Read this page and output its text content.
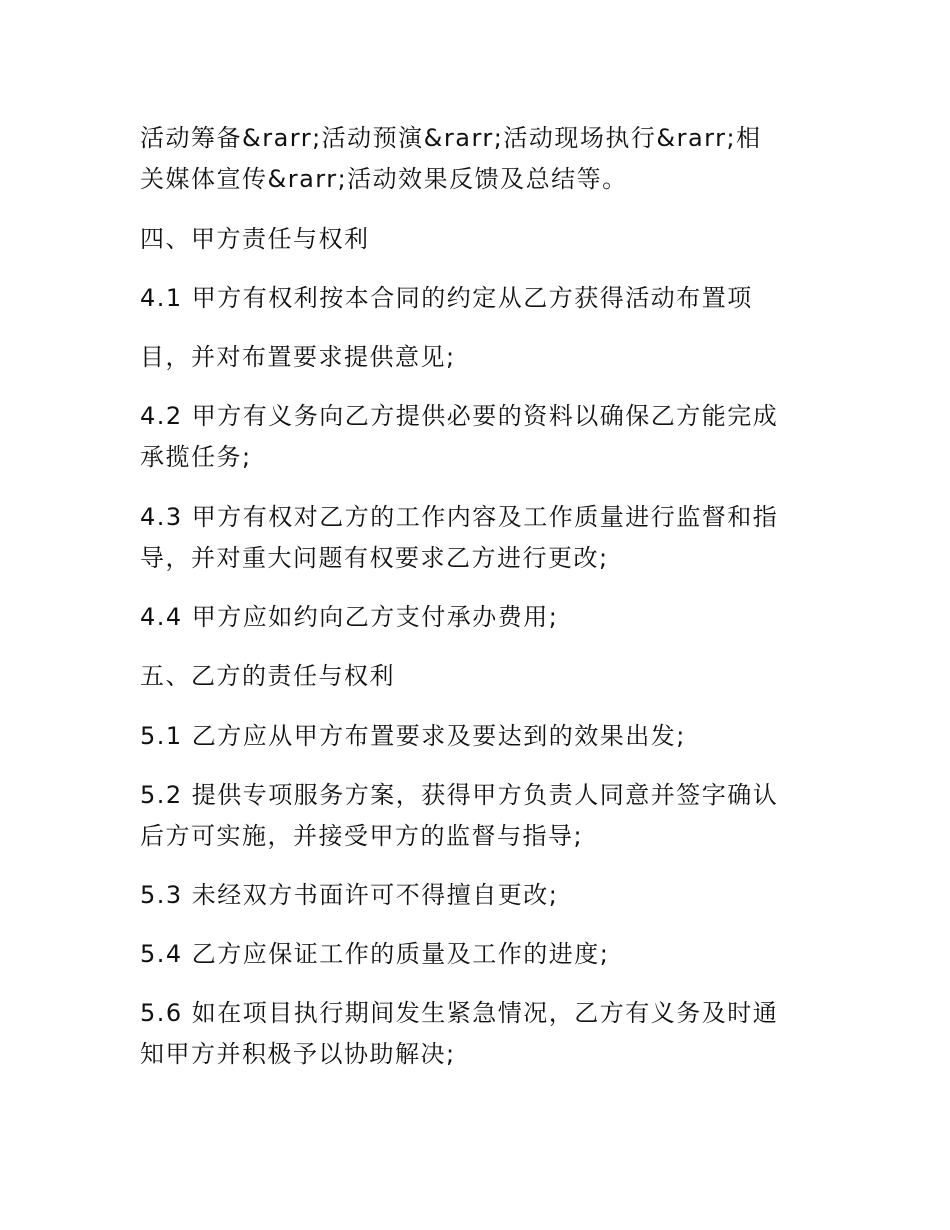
活动筹备&rarr;活动预演&rarr;活动现场执行&rarr;相

关媒体宣传&rarr;活动效果反馈及总结等。

四、甲方责任与权利

4.1 甲方有权利按本合同的约定从乙方获得活动布置项

目，并对布置要求提供意见;

4.2 甲方有义务向乙方提供必要的资料以确保乙方能完成

承揽任务;

4.3 甲方有权对乙方的工作内容及工作质量进行监督和指

导，并对重大问题有权要求乙方进行更改;

4.4 甲方应如约向乙方支付承办费用;

五、乙方的责任与权利

5.1 乙方应从甲方布置要求及要达到的效果出发;

5.2 提供专项服务方案，获得甲方负责人同意并签字确认

后方可实施，并接受甲方的监督与指导;

5.3 未经双方书面许可不得擅自更改;

5.4 乙方应保证工作的质量及工作的进度;

5.6 如在项目执行期间发生紧急情况，乙方有义务及时通

知甲方并积极予以协助解决;
